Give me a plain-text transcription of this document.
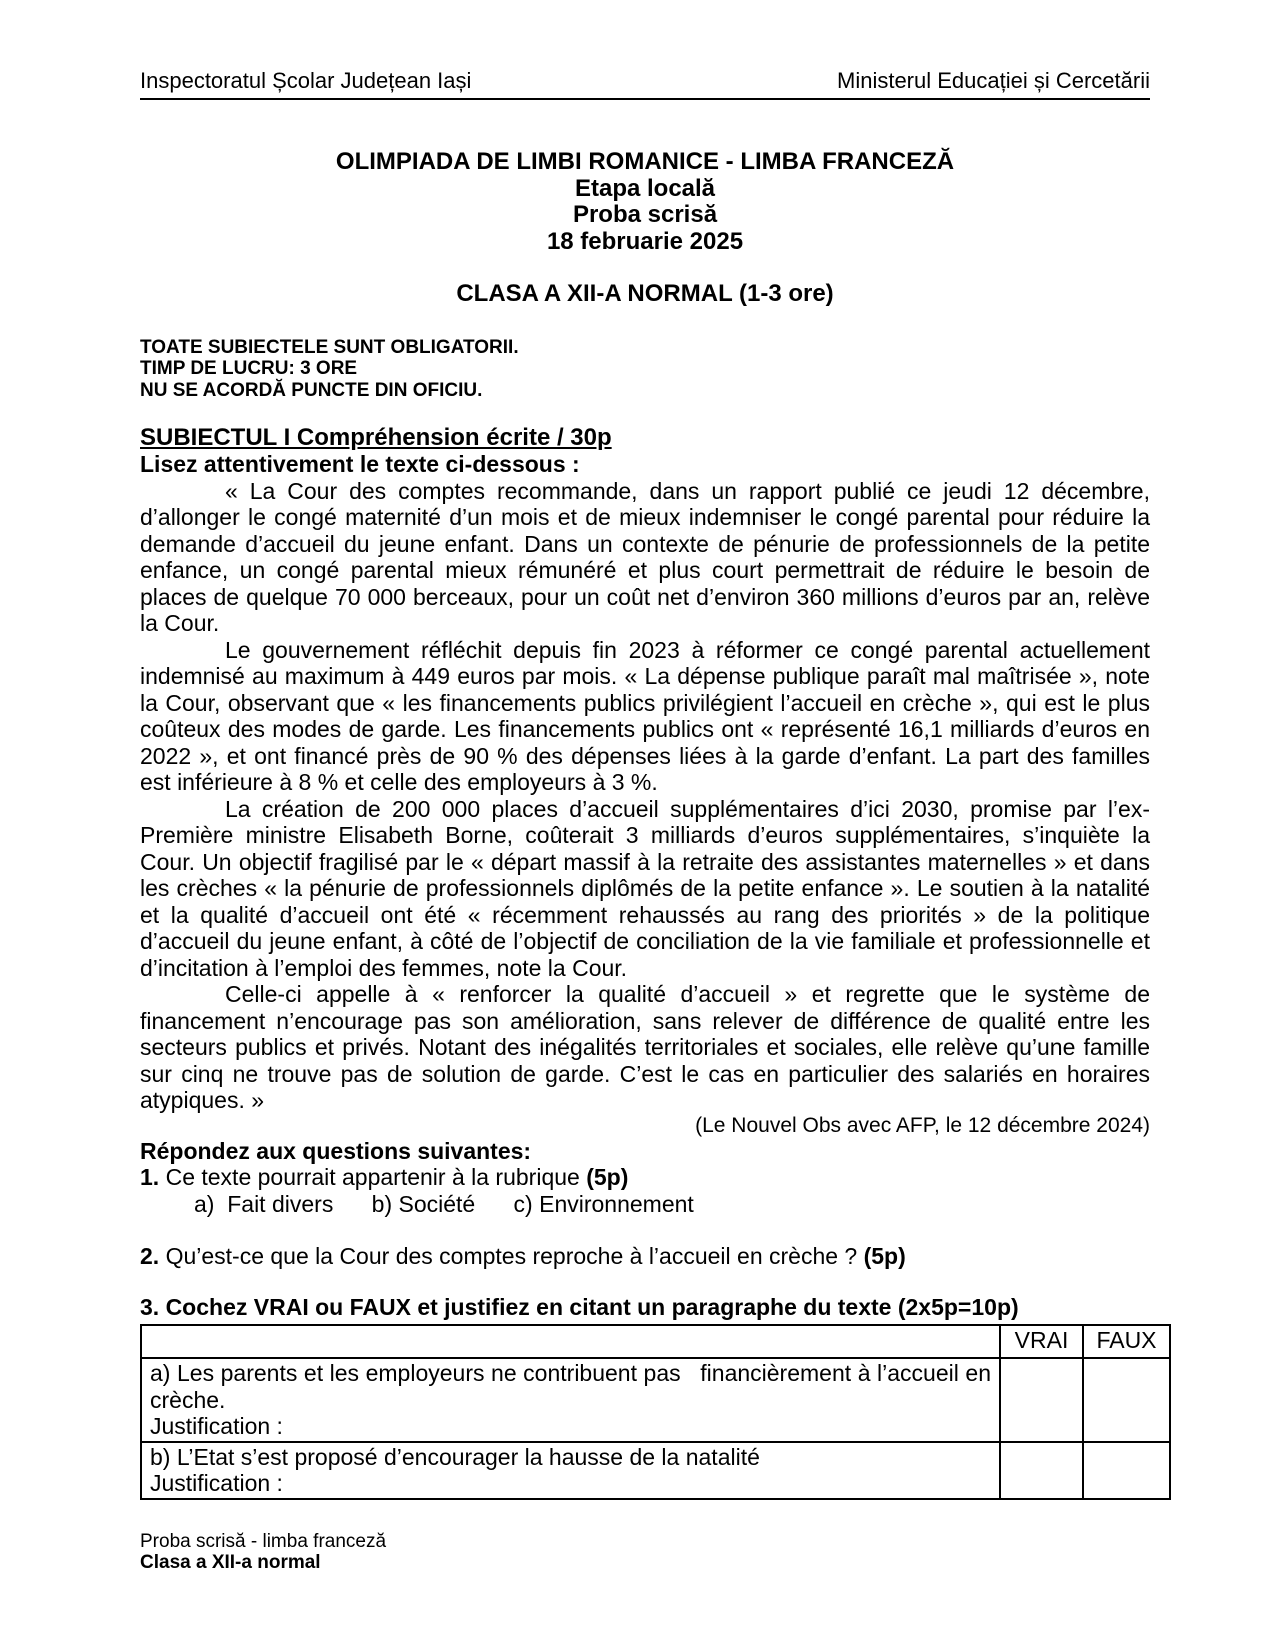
Inspectoratul Școlar Județean Iași	Ministerul Educației și Cercetării
OLIMPIADA DE LIMBI ROMANICE - LIMBA FRANCEZĂ
Etapa locală
Proba scrisă
18 februarie 2025
CLASA A XII-A NORMAL (1-3 ore)
TOATE SUBIECTELE SUNT OBLIGATORII.
TIMP DE LUCRU: 3 ORE
NU SE ACORDĂ PUNCTE DIN OFICIU.
SUBIECTUL I Compréhension écrite / 30p
Lisez attentivement le texte ci-dessous :

« La Cour des comptes recommande, dans un rapport publié ce jeudi 12 décembre, d’allonger le congé maternité d’un mois et de mieux indemniser le congé parental pour réduire la demande d’accueil du jeune enfant. Dans un contexte de pénurie de professionnels de la petite enfance, un congé parental mieux rémunéré et plus court permettrait de réduire le besoin de places de quelque 70 000 berceaux, pour un coût net d’environ 360 millions d’euros par an, relève la Cour.

Le gouvernement réfléchit depuis fin 2023 à réformer ce congé parental actuellement indemnisé au maximum à 449 euros par mois. « La dépense publique paraît mal maîtrisée », note la Cour, observant que « les financements publics privilégient l’accueil en crèche », qui est le plus coûteux des modes de garde. Les financements publics ont « représenté 16,1 milliards d’euros en 2022 », et ont financé près de 90 % des dépenses liées à la garde d’enfant. La part des familles est inférieure à 8 % et celle des employeurs à 3 %.

La création de 200 000 places d’accueil supplémentaires d’ici 2030, promise par l’ex-Première ministre Elisabeth Borne, coûterait 3 milliards d’euros supplémentaires, s’inquiète la Cour. Un objectif fragilisé par le « départ massif à la retraite des assistantes maternelles » et dans les crèches « la pénurie de professionnels diplômés de la petite enfance ». Le soutien à la natalité et la qualité d’accueil ont été « récemment rehaussés au rang des priorités » de la politique d’accueil du jeune enfant, à côté de l’objectif de conciliation de la vie familiale et professionnelle et d’incitation à l’emploi des femmes, note la Cour.

Celle-ci appelle à « renforcer la qualité d’accueil » et regrette que le système de financement n’encourage pas son amélioration, sans relever de différence de qualité entre les secteurs publics et privés. Notant des inégalités territoriales et sociales, elle relève qu’une famille sur cinq ne trouve pas de solution de garde. C’est le cas en particulier des salariés en horaires atypiques. »

(Le Nouvel Obs avec AFP, le 12 décembre 2024)
Répondez aux questions suivantes:
1. Ce texte pourrait appartenir à la rubrique (5p)
a)  Fait divers      b) Société      c) Environnement
2. Qu’est-ce que la Cour des comptes reproche à l’accueil en crèche ? (5p)
3. Cochez VRAI ou FAUX et justifiez en citant un paragraphe du texte (2x5p=10p)
	VRAI	FAUX

a) Les parents et les employeurs ne contribuent pas   financièrement à l’accueil en crèche.
Justification :		

b) L’Etat s’est proposé d’encourager la hausse de la natalité
Justification :		

Proba scrisă - limba franceză
Clasa a XII-a normal
